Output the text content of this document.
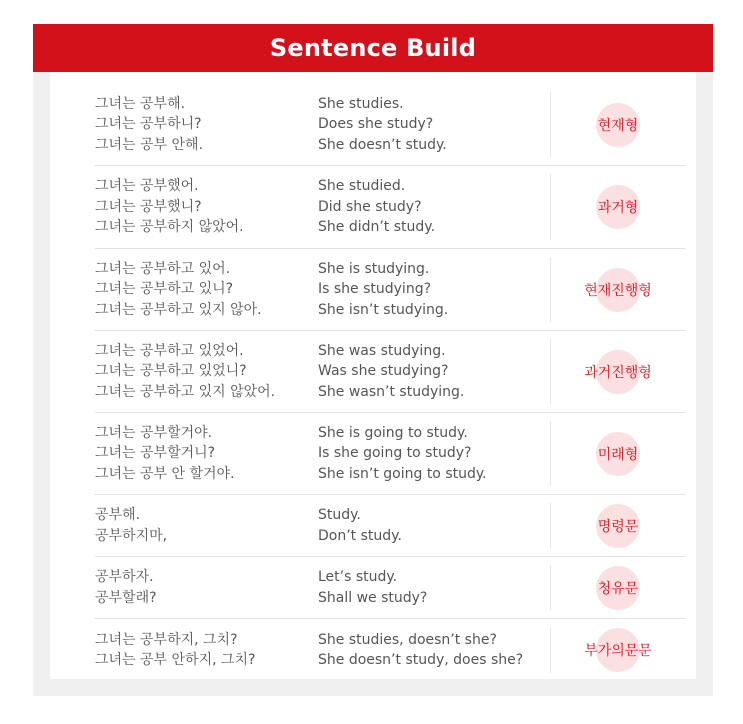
Sentence Build
그녀는 공부해.
그녀는 공부하니?
그녀는 공부 안해.
She studies.
Does she study?
She doesn’t study.
현재형
그녀는 공부했어.
그녀는 공부했니?
그녀는 공부하지 않았어.
She studied.
Did she study?
She didn’t study.
과거형
그녀는 공부하고 있어.
그녀는 공부하고 있니?
그녀는 공부하고 있지 않아.
She is studying.
Is she studying?
She isn’t studying.
현재진행형
그녀는 공부하고 있었어.
그녀는 공부하고 있었니?
그녀는 공부하고 있지 않았어.
She was studying.
Was she studying?
She wasn’t studying.
과거진행형
그녀는 공부할거야.
그녀는 공부할거니?
그녀는 공부 안 할거야.
She is going to study.
Is she going to study?
She isn’t going to study.
미래형
공부해.
공부하지마,
Study.
Don’t study.
명령문
공부하자.
공부할래?
Let’s study.
Shall we study?
청유문
그녀는 공부하지, 그치?
그녀는 공부 안하지, 그치?
She studies, doesn’t she?
She doesn’t study, does she?
부가의문문
